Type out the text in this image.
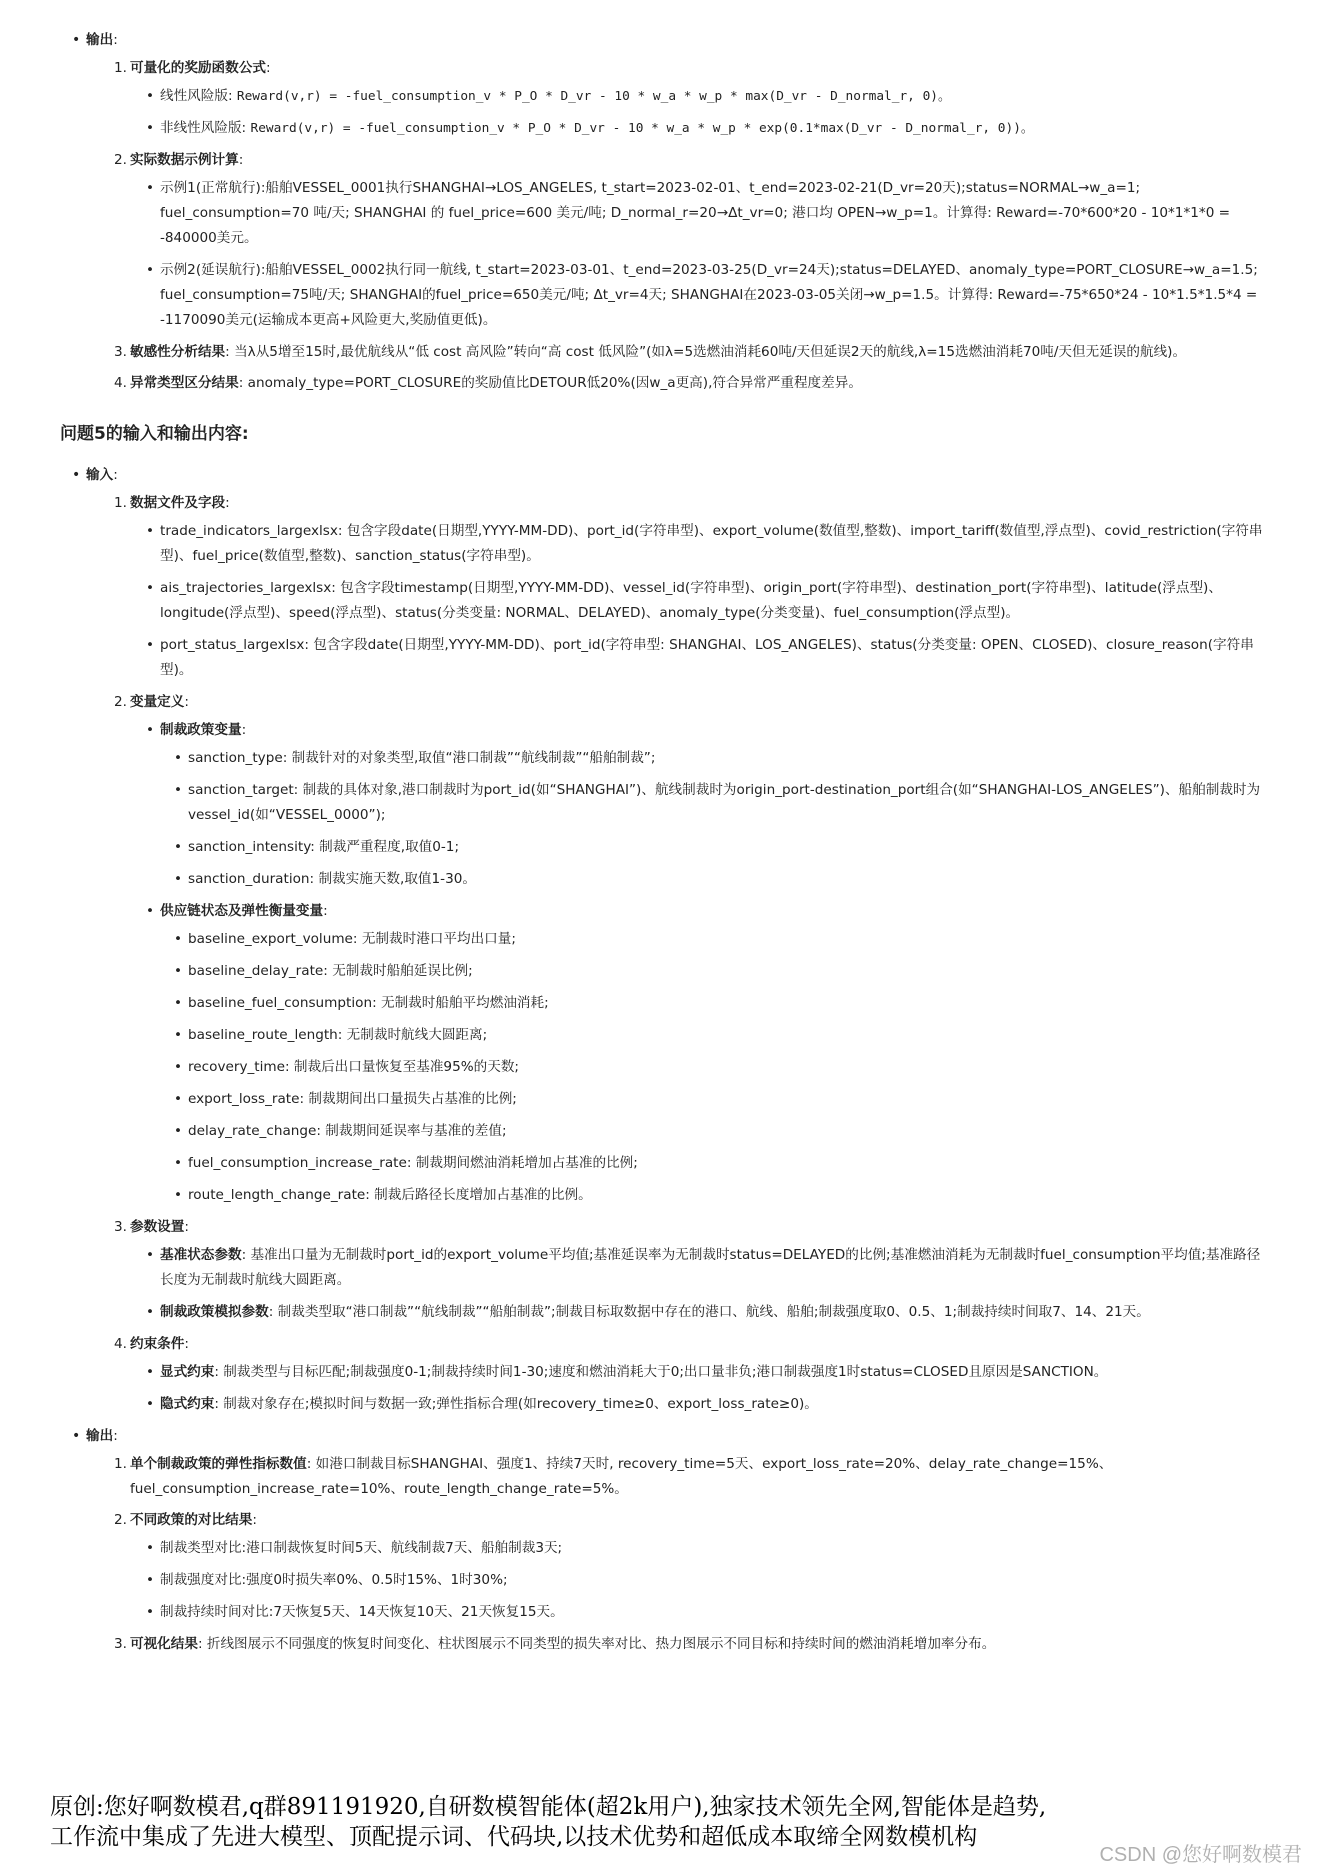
• 输出:
1. 可量化的奖励函数公式:
• 线性风险版: Reward(v,r) = -fuel_consumption_v * P_O * D_vr - 10 * w_a * w_p * max(D_vr - D_normal_r, 0)。
• 非线性风险版: Reward(v,r) = -fuel_consumption_v * P_O * D_vr - 10 * w_a * w_p * exp(0.1*max(D_vr - D_normal_r, 0))。
2. 实际数据示例计算:
• 示例1(正常航行):船舶VESSEL_0001执行SHANGHAI→LOS_ANGELES, t_start=2023-02-01、t_end=2023-02-21(D_vr=20天);status=NORMAL→w_a=1; fuel_consumption=70 吨/天; SHANGHAI 的 fuel_price=600 美元/吨; D_normal_r=20→Δt_vr=0; 港口均 OPEN→w_p=1。计算得: Reward=-70*600*20 - 10*1*1*0 = -840000美元。
• 示例2(延误航行):船舶VESSEL_0002执行同一航线, t_start=2023-03-01、t_end=2023-03-25(D_vr=24天);status=DELAYED、anomaly_type=PORT_CLOSURE→w_a=1.5; fuel_consumption=75吨/天; SHANGHAI的fuel_price=650美元/吨; Δt_vr=4天; SHANGHAI在2023-03-05关闭→w_p=1.5。计算得: Reward=-75*650*24 - 10*1.5*1.5*4 = -1170090美元(运输成本更高+风险更大,奖励值更低)。
3. 敏感性分析结果: 当λ从5增至15时,最优航线从“低 cost 高风险”转向“高 cost 低风险”(如λ=5选燃油消耗60吨/天但延误2天的航线,λ=15选燃油消耗70吨/天但无延误的航线)。
4. 异常类型区分结果: anomaly_type=PORT_CLOSURE的奖励值比DETOUR低20%(因w_a更高),符合异常严重程度差异。
问题5的输入和输出内容:
• 输入:
1. 数据文件及字段:
• trade_indicators_largexlsx: 包含字段date(日期型,YYYY-MM-DD)、port_id(字符串型)、export_volume(数值型,整数)、import_tariff(数值型,浮点型)、covid_restriction(字符串型)、fuel_price(数值型,整数)、sanction_status(字符串型)。
• ais_trajectories_largexlsx: 包含字段timestamp(日期型,YYYY-MM-DD)、vessel_id(字符串型)、origin_port(字符串型)、destination_port(字符串型)、latitude(浮点型)、longitude(浮点型)、speed(浮点型)、status(分类变量: NORMAL、DELAYED)、anomaly_type(分类变量)、fuel_consumption(浮点型)。
• port_status_largexlsx: 包含字段date(日期型,YYYY-MM-DD)、port_id(字符串型: SHANGHAI、LOS_ANGELES)、status(分类变量: OPEN、CLOSED)、closure_reason(字符串型)。
2. 变量定义:
• 制裁政策变量:
• sanction_type: 制裁针对的对象类型,取值“港口制裁”“航线制裁”“船舶制裁”;
• sanction_target: 制裁的具体对象,港口制裁时为port_id(如“SHANGHAI”)、航线制裁时为origin_port-destination_port组合(如“SHANGHAI-LOS_ANGELES”)、船舶制裁时为vessel_id(如“VESSEL_0000”);
• sanction_intensity: 制裁严重程度,取值0-1;
• sanction_duration: 制裁实施天数,取值1-30。
• 供应链状态及弹性衡量变量:
• baseline_export_volume: 无制裁时港口平均出口量;
• baseline_delay_rate: 无制裁时船舶延误比例;
• baseline_fuel_consumption: 无制裁时船舶平均燃油消耗;
• baseline_route_length: 无制裁时航线大圆距离;
• recovery_time: 制裁后出口量恢复至基准95%的天数;
• export_loss_rate: 制裁期间出口量损失占基准的比例;
• delay_rate_change: 制裁期间延误率与基准的差值;
• fuel_consumption_increase_rate: 制裁期间燃油消耗增加占基准的比例;
• route_length_change_rate: 制裁后路径长度增加占基准的比例。
3. 参数设置:
• 基准状态参数: 基准出口量为无制裁时port_id的export_volume平均值;基准延误率为无制裁时status=DELAYED的比例;基准燃油消耗为无制裁时fuel_consumption平均值;基准路径长度为无制裁时航线大圆距离。
• 制裁政策模拟参数: 制裁类型取“港口制裁”“航线制裁”“船舶制裁”;制裁目标取数据中存在的港口、航线、船舶;制裁强度取0、0.5、1;制裁持续时间取7、14、21天。
4. 约束条件:
• 显式约束: 制裁类型与目标匹配;制裁强度0-1;制裁持续时间1-30;速度和燃油消耗大于0;出口量非负;港口制裁强度1时status=CLOSED且原因是SANCTION。
• 隐式约束: 制裁对象存在;模拟时间与数据一致;弹性指标合理(如recovery_time≥0、export_loss_rate≥0)。
• 输出:
1. 单个制裁政策的弹性指标数值: 如港口制裁目标SHANGHAI、强度1、持续7天时, recovery_time=5天、export_loss_rate=20%、delay_rate_change=15%、fuel_consumption_increase_rate=10%、route_length_change_rate=5%。
2. 不同政策的对比结果:
• 制裁类型对比:港口制裁恢复时间5天、航线制裁7天、船舶制裁3天;
• 制裁强度对比:强度0时损失率0%、0.5时15%、1时30%;
• 制裁持续时间对比:7天恢复5天、14天恢复10天、21天恢复15天。
3. 可视化结果: 折线图展示不同强度的恢复时间变化、柱状图展示不同类型的损失率对比、热力图展示不同目标和持续时间的燃油消耗增加率分布。
原创:您好啊数模君,q群891191920,自研数模智能体(超2k用户),独家技术领先全网,智能体是趋势,
工作流中集成了先进大模型、顶配提示词、代码块,以技术优势和超低成本取缔全网数模机构
CSDN @您好啊数模君
